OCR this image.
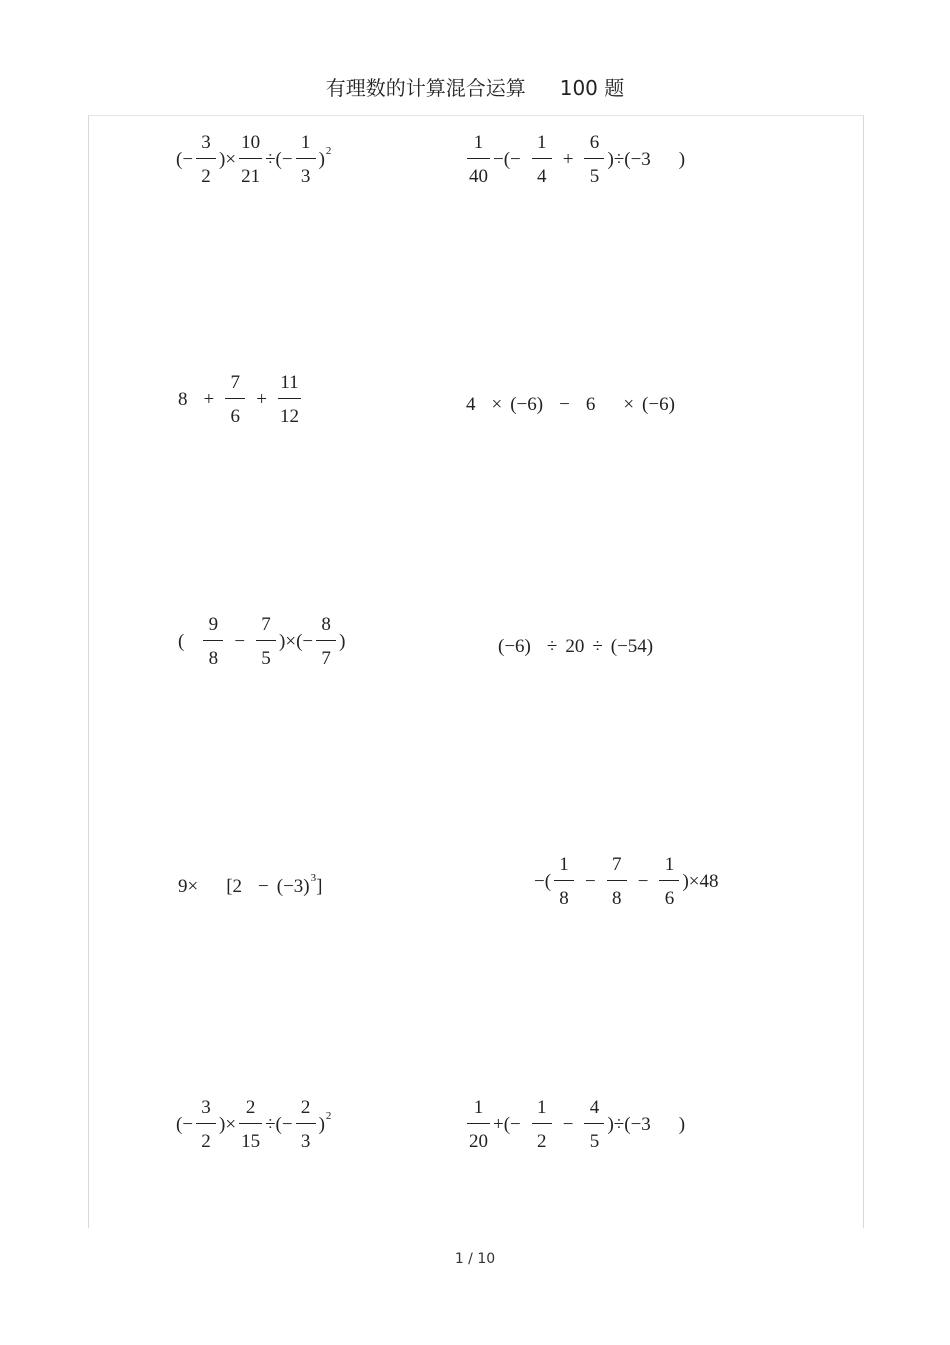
有理数的计算混合运算 100 题
(− $\frac{3}{2}$ )× $\frac{10}{21}$ ÷(− $\frac{1}{3}$ ) 2	$\frac{1}{40}$ −(− $\frac{1}{4} + \frac{6}{5} )\div(-3$ )
$8 + \frac{7}{6} + \frac{11}{12}$	4 × (−6) − 6 × (−6)
( $\frac{9}{8} - \frac{7}{5}$ )×(− $\frac{8}{7}$ )	(−6) ÷ 20 ÷ (−54)
9× [2 − (−3) 3 ]	−( $\frac{1}{8} - \frac{7}{8} - \frac{1}{6} )\times 48$
(− $\frac{3}{2}$ )× $\frac{2}{15}$ ÷(− $\frac{2}{3}$ ) 2	$\frac{1}{20}$ +(− $\frac{1}{2} - \frac{4}{5} )\div(-3$ )
1 / 10
